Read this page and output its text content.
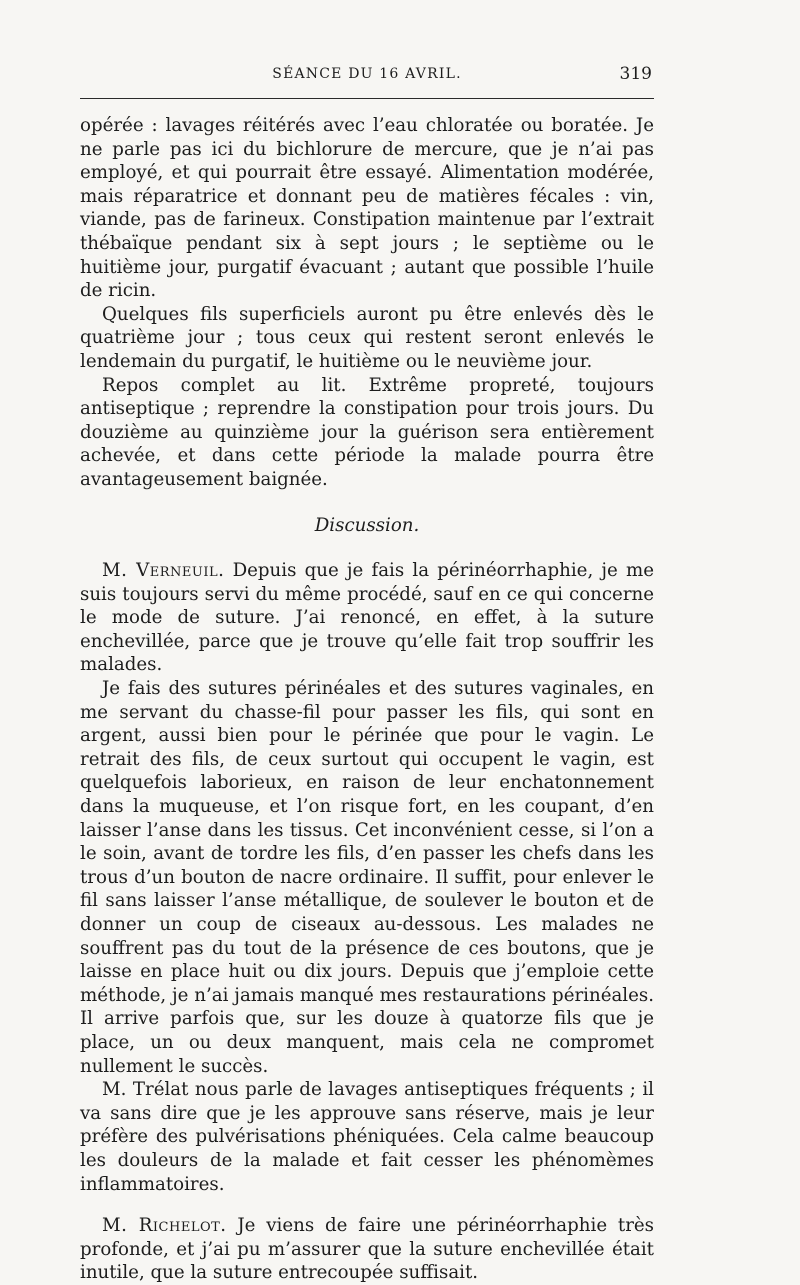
SÉANCE DU 16 AVRIL.	319

opérée : lavages réitérés avec l’eau chloratée ou boratée. Je ne parle pas ici du bichlorure de mercure, que je n’ai pas employé, et qui pourrait être essayé. Alimentation modérée, mais réparatrice et donnant peu de matières fécales : vin, viande, pas de farineux. Constipation maintenue par l’extrait thébaïque pendant six à sept jours ; le septième ou le huitième jour, purgatif évacuant ; autant que possible l’huile de ricin.

Quelques fils superficiels auront pu être enlevés dès le quatrième jour ; tous ceux qui restent seront enlevés le lendemain du purgatif, le huitième ou le neuvième jour.

Repos complet au lit. Extrême propreté, toujours antiseptique ; reprendre la constipation pour trois jours. Du douzième au quinzième jour la guérison sera entièrement achevée, et dans cette période la malade pourra être avantageusement baignée.

Discussion.

M. Verneuil. Depuis que je fais la périnéorrhaphie, je me suis toujours servi du même procédé, sauf en ce qui concerne le mode de suture. J’ai renoncé, en effet, à la suture enchevillée, parce que je trouve qu’elle fait trop souffrir les malades.

Je fais des sutures périnéales et des sutures vaginales, en me servant du chasse-fil pour passer les fils, qui sont en argent, aussi bien pour le périnée que pour le vagin. Le retrait des fils, de ceux surtout qui occupent le vagin, est quelquefois laborieux, en raison de leur enchatonnement dans la muqueuse, et l’on risque fort, en les coupant, d’en laisser l’anse dans les tissus. Cet inconvénient cesse, si l’on a le soin, avant de tordre les fils, d’en passer les chefs dans les trous d’un bouton de nacre ordinaire. Il suffit, pour enlever le fil sans laisser l’anse métallique, de soulever le bouton et de donner un coup de ciseaux au-dessous. Les malades ne souffrent pas du tout de la présence de ces boutons, que je laisse en place huit ou dix jours. Depuis que j’emploie cette méthode, je n’ai jamais manqué mes restaurations périnéales. Il arrive parfois que, sur les douze à quatorze fils que je place, un ou deux manquent, mais cela ne compromet nullement le succès.

M. Trélat nous parle de lavages antiseptiques fréquents ; il va sans dire que je les approuve sans réserve, mais je leur préfère des pulvérisations phéniquées. Cela calme beaucoup les douleurs de la malade et fait cesser les phénomèmes inflammatoires.

M. Richelot. Je viens de faire une périnéorrhaphie très profonde, et j’ai pu m’assurer que la suture enchevillée était inutile, que la suture entrecoupée suffisait.
